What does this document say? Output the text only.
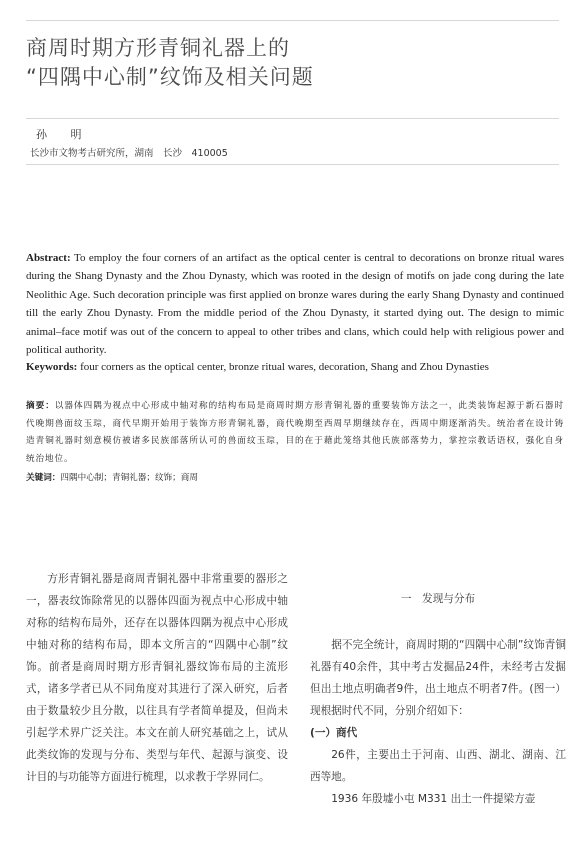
商周时期方形青铜礼器上的
“四隅中心制”纹饰及相关问题
孙 明
长沙市文物考古研究所，湖南　长沙　410005
Abstract: To employ the four corners of an artifact as the optical center is central to decorations on bronze ritual wares during the Shang Dynasty and the Zhou Dynasty, which was rooted in the design of motifs on jade cong during the late Neolithic Age. Such decoration principle was first applied on bronze wares during the early Shang Dynasty and continued till the early Zhou Dynasty. From the middle period of the Zhou Dynasty, it started dying out. The design to mimic animal–face motif was out of the concern to appeal to other tribes and clans, which could help with religious power and political authority.
Keywords: four corners as the optical center, bronze ritual wares, decoration, Shang and Zhou Dynasties
摘要：以器体四隅为视点中心形成中轴对称的结构布局是商周时期方形青铜礼器的重要装饰方法之一，此类装饰起源于新石器时代晚期兽面纹玉琮，商代早期开始用于装饰方形青铜礼器，商代晚期至西周早期继续存在，西周中期逐渐消失。统治者在设计铸造青铜礼器时刻意模仿被诸多民族部落所认可的兽面纹玉琮，目的在于藉此笼络其他氏族部落势力，掌控宗教话语权，强化自身统治地位。
关键词：四隅中心制；青铜礼器；纹饰；商周

方形青铜礼器是商周青铜礼器中非常重要的器形之一，器表纹饰除常见的以器体四面为视点中心形成中轴对称的结构布局外，还存在以器体四隅为视点中心形成中轴对称的结构布局，即本文所言的“四隅中心制”纹饰。前者是商周时期方形青铜礼器纹饰布局的主流形式，诸多学者已从不同角度对其进行了深入研究，后者由于数量较少且分散，以往具有学者简单提及，但尚未引起学术界广泛关注。本文在前人研究基础之上，试从此类纹饰的发现与分布、类型与年代、起源与演变、设计目的与功能等方面进行梳理，以求教于学界同仁。

一　发现与分布

据不完全统计，商周时期的“四隅中心制”纹饰青铜礼器有40余件，其中考古发掘品24件，未经考古发掘但出土地点明确者9件，出土地点不明者7件。(图一）现根据时代不同，分别介绍如下：

(一）商代

26件，主要出土于河南、山西、湖北、湖南、江西等地。

1936 年殷墟小屯 M331 出土一件提梁方壶
